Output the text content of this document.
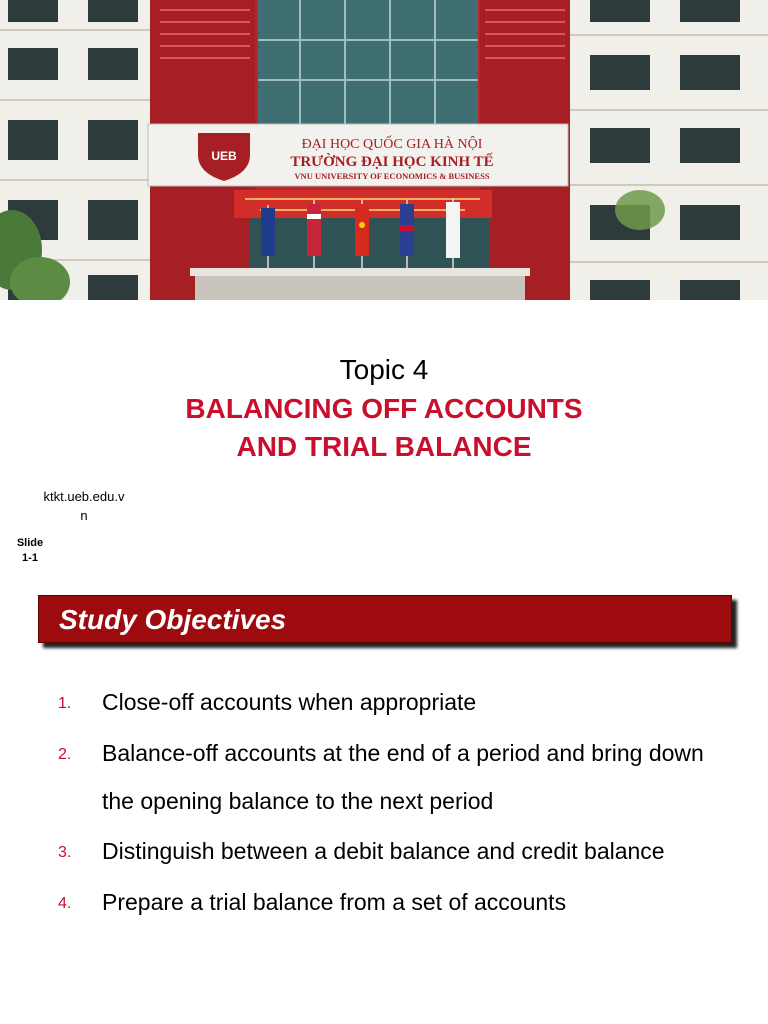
UEB
ĐẠI HỌC QUỐC GIA HÀ NỘI
TRƯỜNG ĐẠI HỌC KINH TẾ
VNU UNIVERSITY OF ECONOMICS & BUSINESS
Topic 4
BALANCING OFF ACCOUNTS
AND TRIAL BALANCE
ktkt.ueb.edu.v
n
Slide
1-1
Study Objectives
1. Close-off accounts when appropriate
2. Balance-off accounts at the end of a period and bring down the opening balance to the next period
3. Distinguish between a debit balance and credit balance
4. Prepare a trial balance from a set of accounts
